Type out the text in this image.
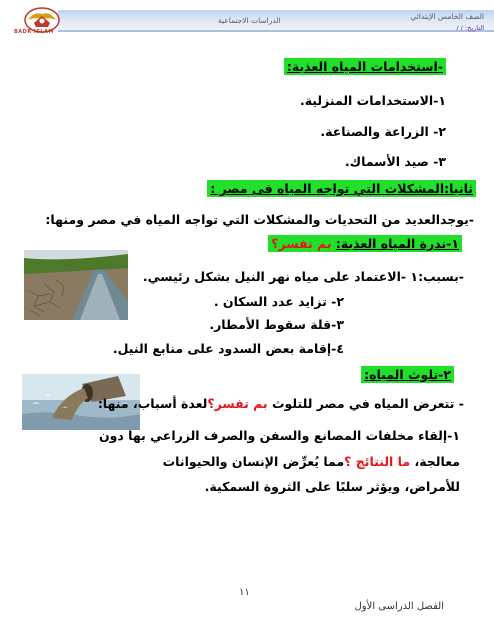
BADR ISLAM
الصف الخامس الإبتدائي
التاريخ: / /
الدراسات الاجتماعية
-استخدامات المياه العذبة:
١-الاستخدامات المنزلية.
٢- الزراعة والصناعة.
٣- صيد الأسماك.
ثانيا:المشكلات التي تواجه المياه فى مصر :
-يوجدالعديد من التحديات والمشكلات التي تواجه المياه في مصر ومنها:
١-ندرة المياه العذبة: بم تفسر؟
-بسبب:١ -الاعتماد على مياه نهر النيل بشكل رئيسي.
٢- تزايد عدد السكان .
٣-قلة سقوط الأمطار.
٤-إقامة بعض السدود على منابع النيل.
٢-تلوث المياه:
- تتعرض المياه في مصر للتلوث بم تفسر؟لعدة أسباب، منها:
١-إلقاء مخلفات المصانع والسفن والصرف الزراعي بها دون
معالجة، ما النتائج ؟مما يُعرِّض الإنسان والحيوانات
للأمراض، ويؤثر سلبًا على الثروة السمكية.
١١
الفصل الدراسى الأول
